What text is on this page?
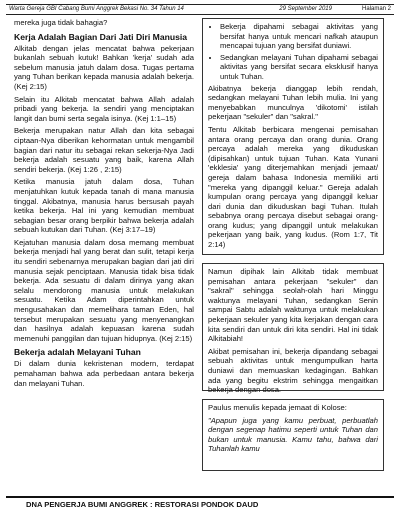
Warta Gereja GBI Cabang Bumi Anggrek Bekasi No. 34 Tahun 14	29 September 2019	Halaman 2

mereka juga tidak bahagia?

Kerja Adalah Bagian Dari Jati Diri Manusia

Alkitab dengan jelas mencatat bahwa pekerjaan bukanlah sebuah kutuk! Bahkan 'kerja' sudah ada sebelum manusia jatuh dalam dosa. Tugas pertama yang Tuhan berikan kepada manusia adalah bekerja. (Kej 2:15)

Selain itu Alkitab mencatat bahwa Allah adalah pribadi yang bekerja. Ia sendiri yang menciptakan langit dan bumi serta segala isinya. (Kej 1:1–15)

Bekerja merupakan natur Allah dan kita sebagai ciptaan-Nya diberikan kehormatan untuk mengambil bagian dari natur itu sebagai rekan sekerja-Nya Jadi bekerja adalah sesuatu yang baik, karena Allah sendiri bekerja. (Kej 1:26 , 2:15)

Ketika manusia jatuh dalam dosa, Tuhan menjatuhkan kutuk kepada tanah di mana manusia tinggal. Akibatnya, manusia harus bersusah payah ketika bekerja. Hal ini yang kemudian membuat sebagian besar orang berpikir bahwa bekerja adalah sebuah kutukan dari Tuhan. (Kej 3:17–19)

Kejatuhan manusia dalam dosa memang membuat bekerja menjadi hal yang berat dan sulit, tetapi kerja itu sendiri sebenarnya merupakan bagian dari jati diri manusia sejak penciptaan. Manusia tidak bisa tidak bekerja. Ada sesuatu di dalam dirinya yang akan selalu mendorong manusia untuk melakukan sesuatu. Ketika Adam diperintahkan untuk mengusahakan dan memelihara taman Eden, hal tersebut merupakan sesuatu yang menyenangkan dan hasilnya adalah kepuasan karena sudah memenuhi panggilan dan tujuan hidupnya. (Kej 2:15)

Bekerja adalah Melayani Tuhan

Di dalam dunia kekristenan modern, terdapat pemahaman bahwa ada perbedaan antara bekerja dan melayani Tuhan.

• Bekerja dipahami sebagai aktivitas yang bersifat hanya untuk mencari nafkah ataupun mencapai tujuan yang bersifat duniawi.
• Sedangkan melayani Tuhan dipahami sebagai aktivitas yang bersifat secara eksklusif hanya untuk Tuhan.

Akibatnya bekerja dianggap lebih rendah, sedangkan melayani Tuhan lebih mulia. Ini yang menyebabkan munculnya 'dikotomi' istilah pekerjaan "sekuler" dan "sakral."

Tentu Alkitab berbicara mengenai pemisahan antara orang percaya dan orang dunia. Orang percaya adalah mereka yang dikuduskan (dipisahkan) untuk tujuan Tuhan. Kata Yunani 'ekklesia' yang diterjemahkan menjadi jemaat/ gereja dalam bahasa Indonesia memiliki arti "mereka yang dipanggil keluar." Gereja adalah kumpulan orang percaya yang dipanggil keluar dari dunia dan dikuduskan bagi Tuhan. Itulah sebabnya orang percaya disebut sebagai orang-orang kudus; yang dipanggil untuk melakukan pekerjaan yang baik, yang kudus. (Rom 1:7, Tit 2:14)

Namun dipihak lain Alkitab tidak membuat pemisahan antara pekerjaan "sekuler" dan "sakral" sehingga seolah-olah hari Minggu waktunya melayani Tuhan, sedangkan Senin sampai Sabtu adalah waktunya untuk melakukan pekerjaan sekuler yang kita kerjakan dengan cara kita sendiri dan untuk diri kita sendiri. Hal ini tidak Alkitabiah!

Akibat pemisahan ini, bekerja dipandang sebagai sebuah aktivitas untuk mengumpulkan harta duniawi dan memuaskan kedagingan. Bahkan ada yang begitu ekstrim sehingga mengaitkan bekerja dengan dosa.

Paulus menulis kepada jemaat di Kolose:

"Apapun juga yang kamu perbuat, perbuatlah dengan segenap hatimu seperti untuk Tuhan dan bukan untuk manusia. Kamu tahu, bahwa dari Tuhanlah kamu

DNA PENGERJA BUMI ANGGREK : RESTORASI PONDOK DAUD
